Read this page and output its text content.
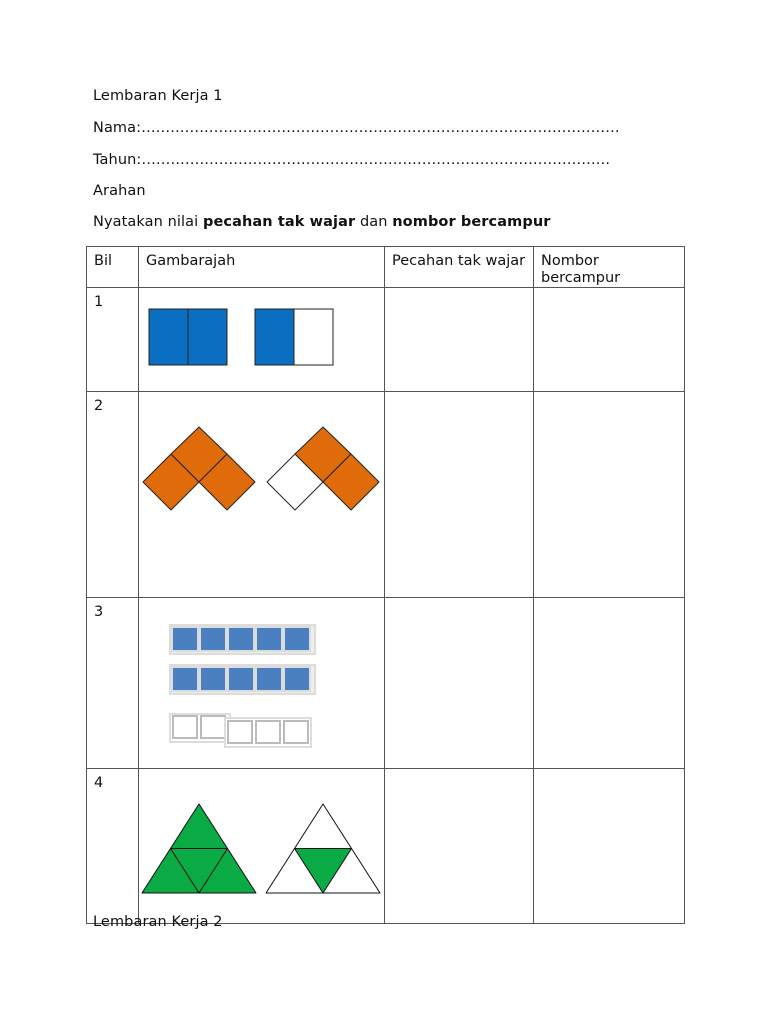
Lembaran Kerja 1
Nama:………………………………………………………………………………………
Tahun:…………………………………………………………………………………….
Arahan
Nyatakan nilai pecahan tak wajar dan nombor bercampur
Bil	Gambarajah	Pecahan tak wajar	Nombor bercampur
1	

2	

3	

4	

Lembaran Kerja 2
